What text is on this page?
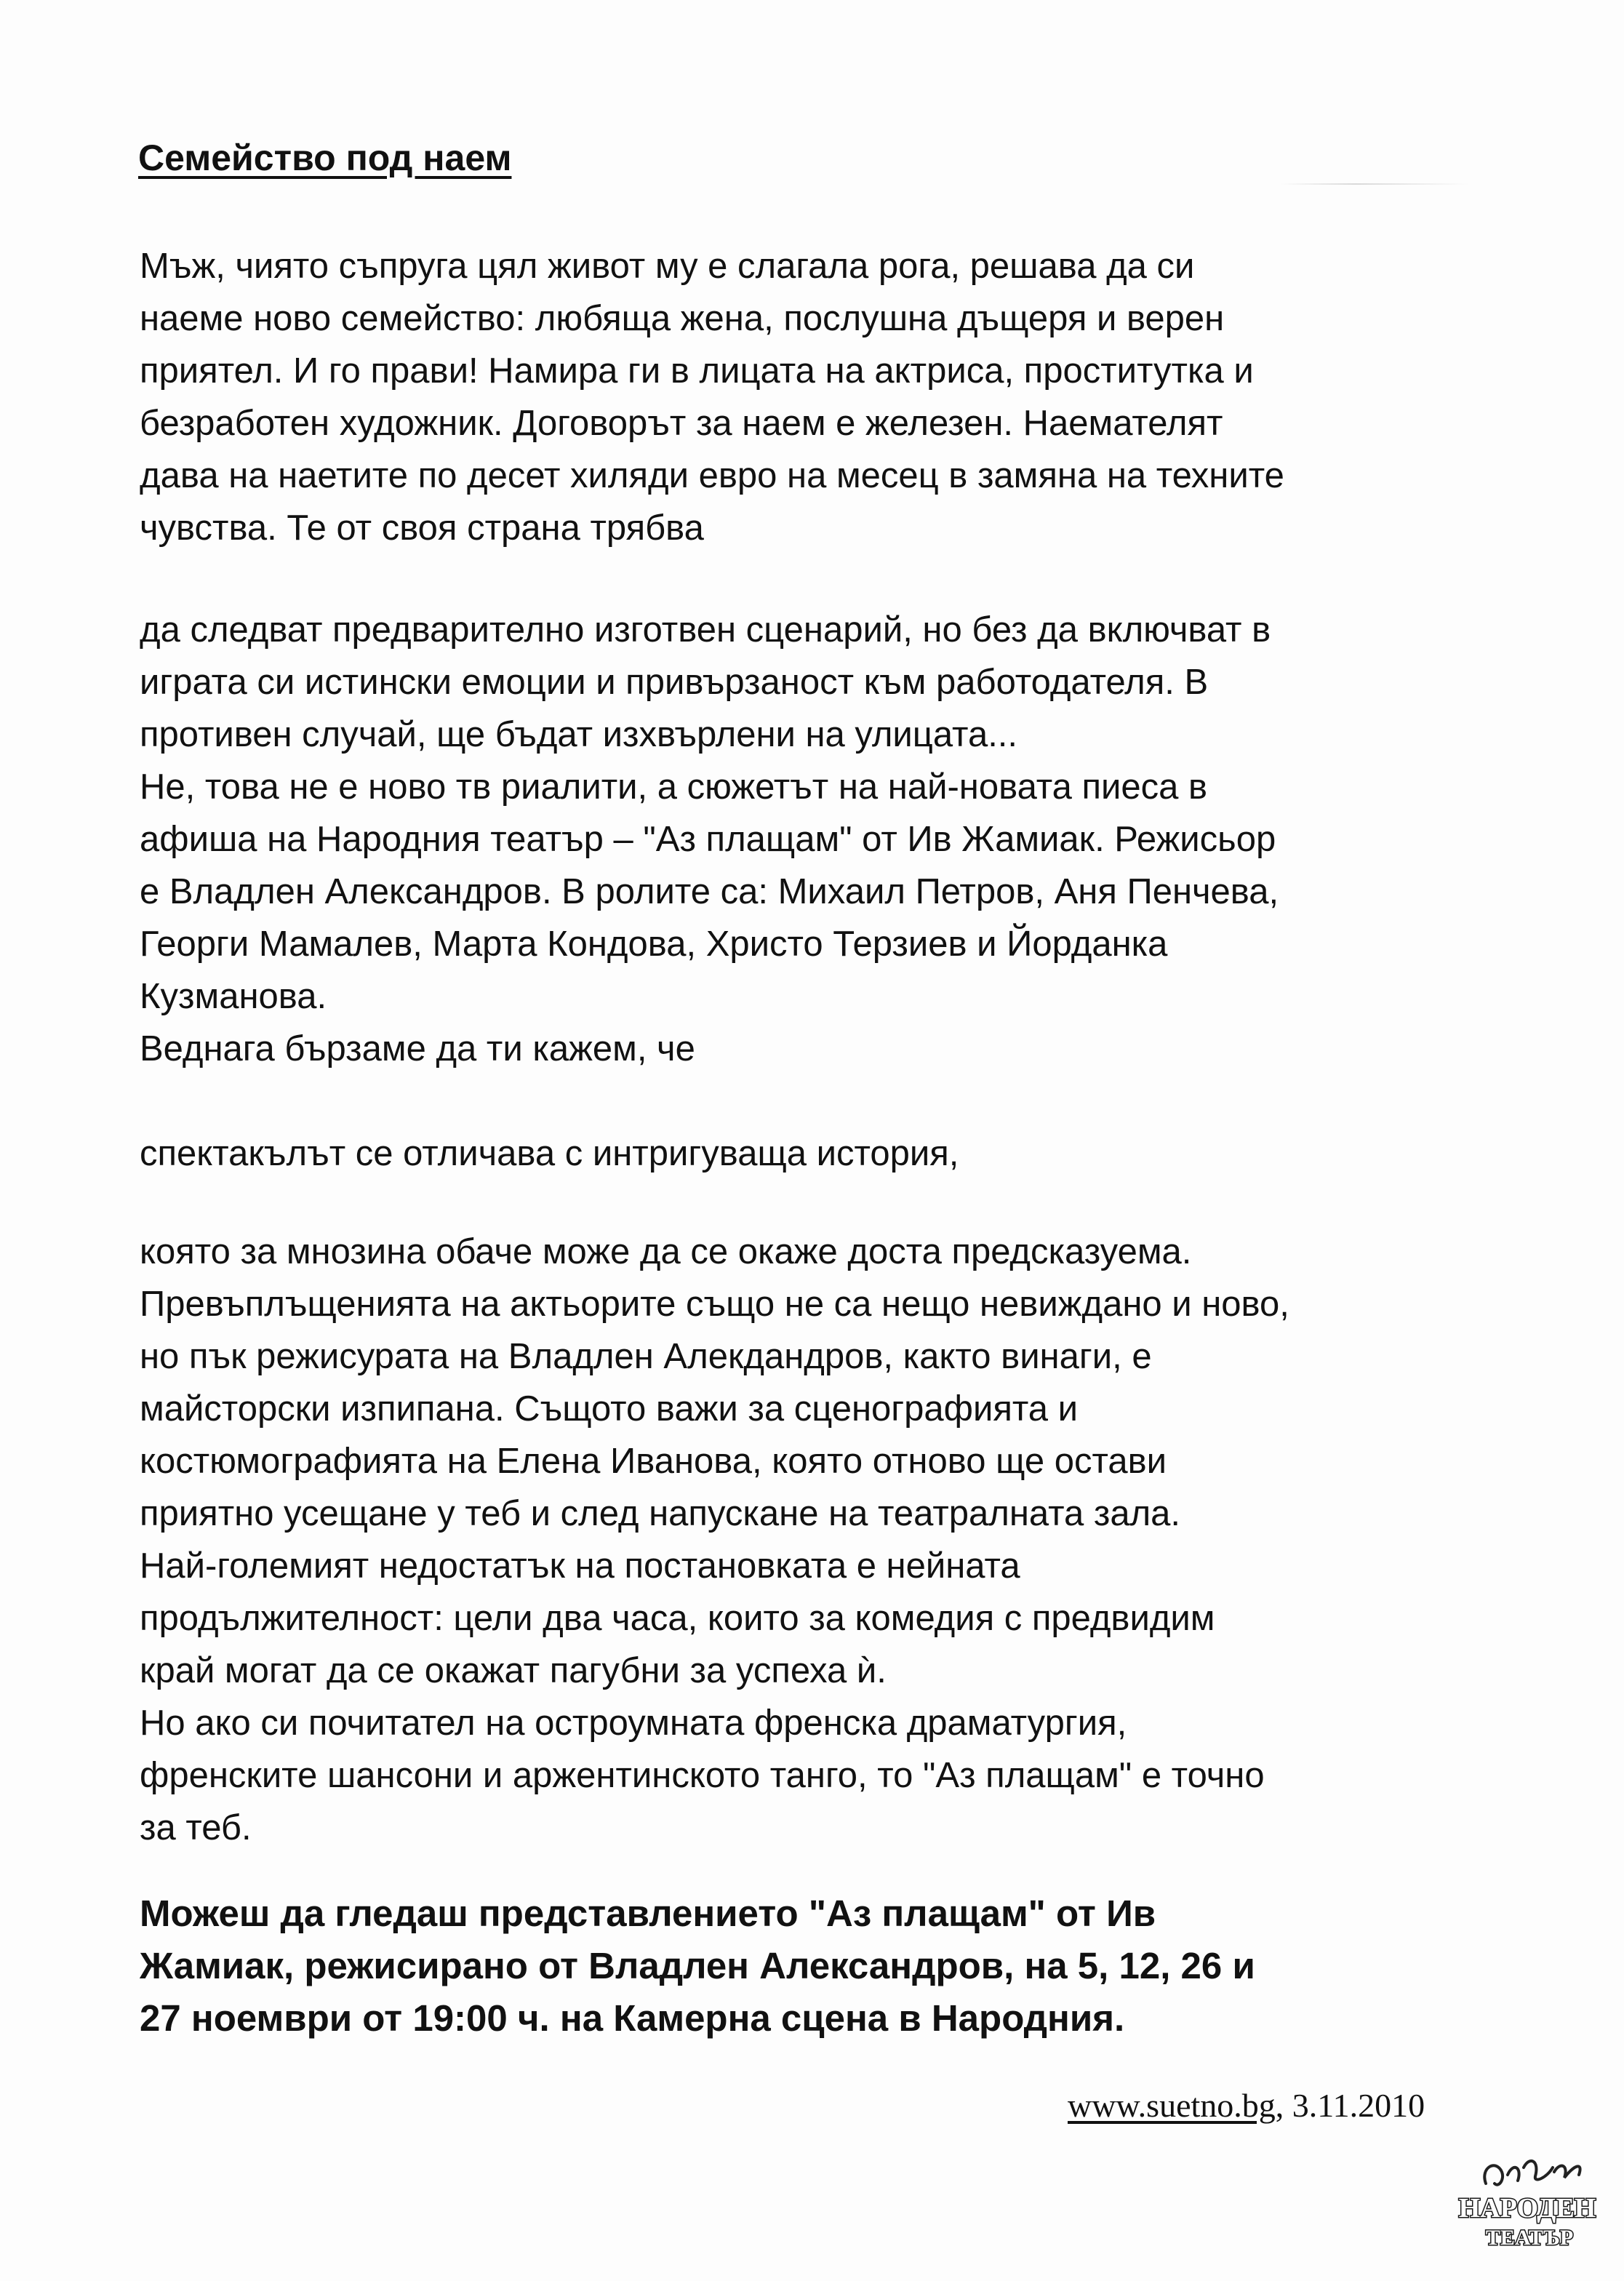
Семейство под наем
Мъж, чиято съпруга цял живот му е слагала рога, решава да си
наеме ново семейство: любяща жена, послушна дъщеря и верен
приятел. И го прави! Намира ги в лицата на актриса, проститутка и
безработен художник. Договорът за наем е железен. Наемателят
дава на наетите по десет хиляди евро на месец в замяна на техните
чувства. Те от своя страна трябва
да следват предварително изготвен сценарий, но без да включват в
играта си истински емоции и привързаност към работодателя. В
противен случай, ще бъдат изхвърлени на улицата...
Не, това не е ново тв риалити, а сюжетът на най-новата пиеса в
афиша на Народния театър – "Аз плащам" от Ив Жамиак. Режисьор
е Владлен Александров. В ролите са: Михаил Петров, Аня Пенчева,
Георги Мамалев, Марта Кондова, Христо Терзиев и Йорданка
Кузманова.
Веднага бързаме да ти кажем, че
спектакълът се отличава с интригуваща история,
която за мнозина обаче може да се окаже доста предсказуема.
Превъплъщенията на актьорите също не са нещо невиждано и ново,
но пък режисурата на Владлен Алекдандров, както винаги, е
майсторски изпипана. Същото важи за сценографията и
костюмографията на Елена Иванова, която отново ще остави
приятно усещане у теб и след напускане на театралната зала.
Най-големият недостатък на постановката е нейната
продължителност: цели два часа, които за комедия с предвидим
край могат да се окажат пагубни за успеха ѝ.
Но ако си почитател на остроумната френска драматургия,
френските шансони и аржентинското танго, то "Аз плащам" е точно
за теб.
Можеш да гледаш представлението "Аз плащам" от Ив
Жамиак, режисирано от Владлен Александров, на 5, 12, 26 и
27 ноември от 19:00 ч. на Камерна сцена в Народния.
www.suetno.bg, 3.11.2010
Ив.Вазов
НАРОДЕН
ТЕАТЪР
